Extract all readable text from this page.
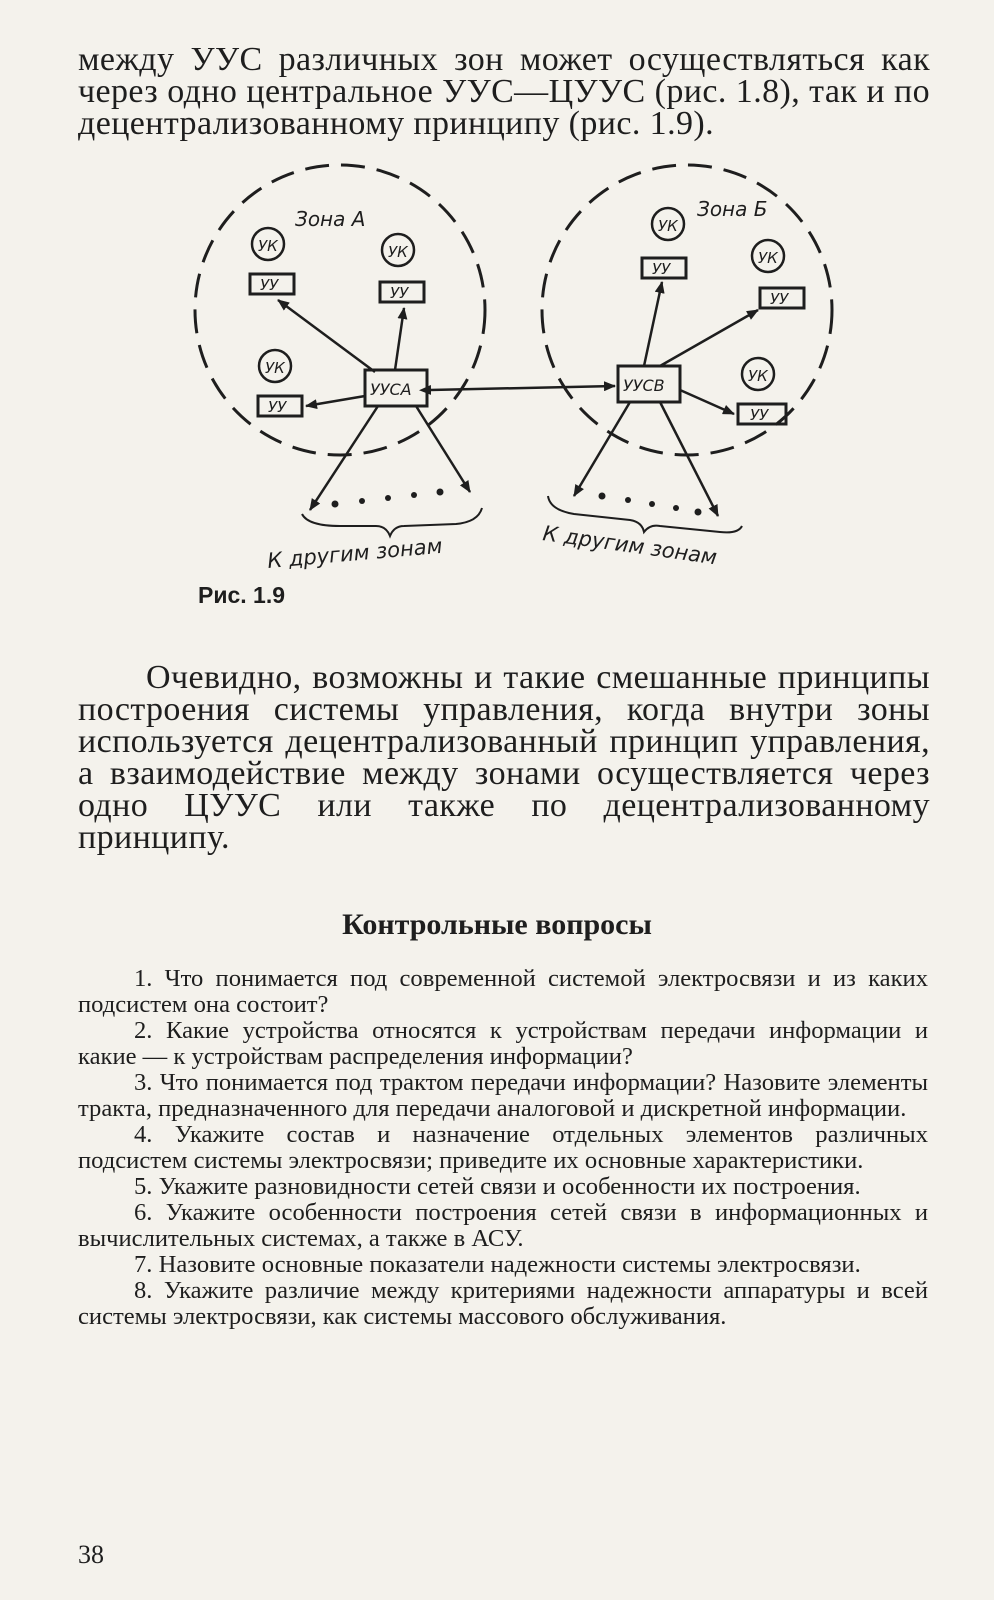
между УУС различных зон может осуществляться как через одно центральное УУС—ЦУУС (рис. 1.8), так и по децентрализованному принципу (рис. 1.9).

Зона А	Зона Б
УК
УУ
УК
УУ
УК
УУ
УУСA
УК
УУ
УК
УУ
УК
УУ
УУСB
К другим зонам	К другим зонам
Рис. 1.9

Очевидно, возможны и такие смешанные принципы построения системы управления, когда внутри зоны используется децентрализованный принцип управления, а взаимодействие между зонами осуществляется через одно ЦУУС или также по децентрализованному принципу.

Контрольные вопросы
1. Что понимается под современной системой электросвязи и из каких подсистем она состоит?
2. Какие устройства относятся к устройствам передачи информации и какие — к устройствам распределения информации?
3. Что понимается под трактом передачи информации? Назовите элементы тракта, предназначенного для передачи аналоговой и дискретной информации.
4. Укажите состав и назначение отдельных элементов различных подсистем системы электросвязи; приведите их основные характеристики.
5. Укажите разновидности сетей связи и особенности их построения.
6. Укажите особенности построения сетей связи в информационных и вычислительных системах, а также в АСУ.
7. Назовите основные показатели надежности системы электросвязи.
8. Укажите различие между критериями надежности аппаратуры и всей системы электросвязи, как системы массового обслуживания.
38
